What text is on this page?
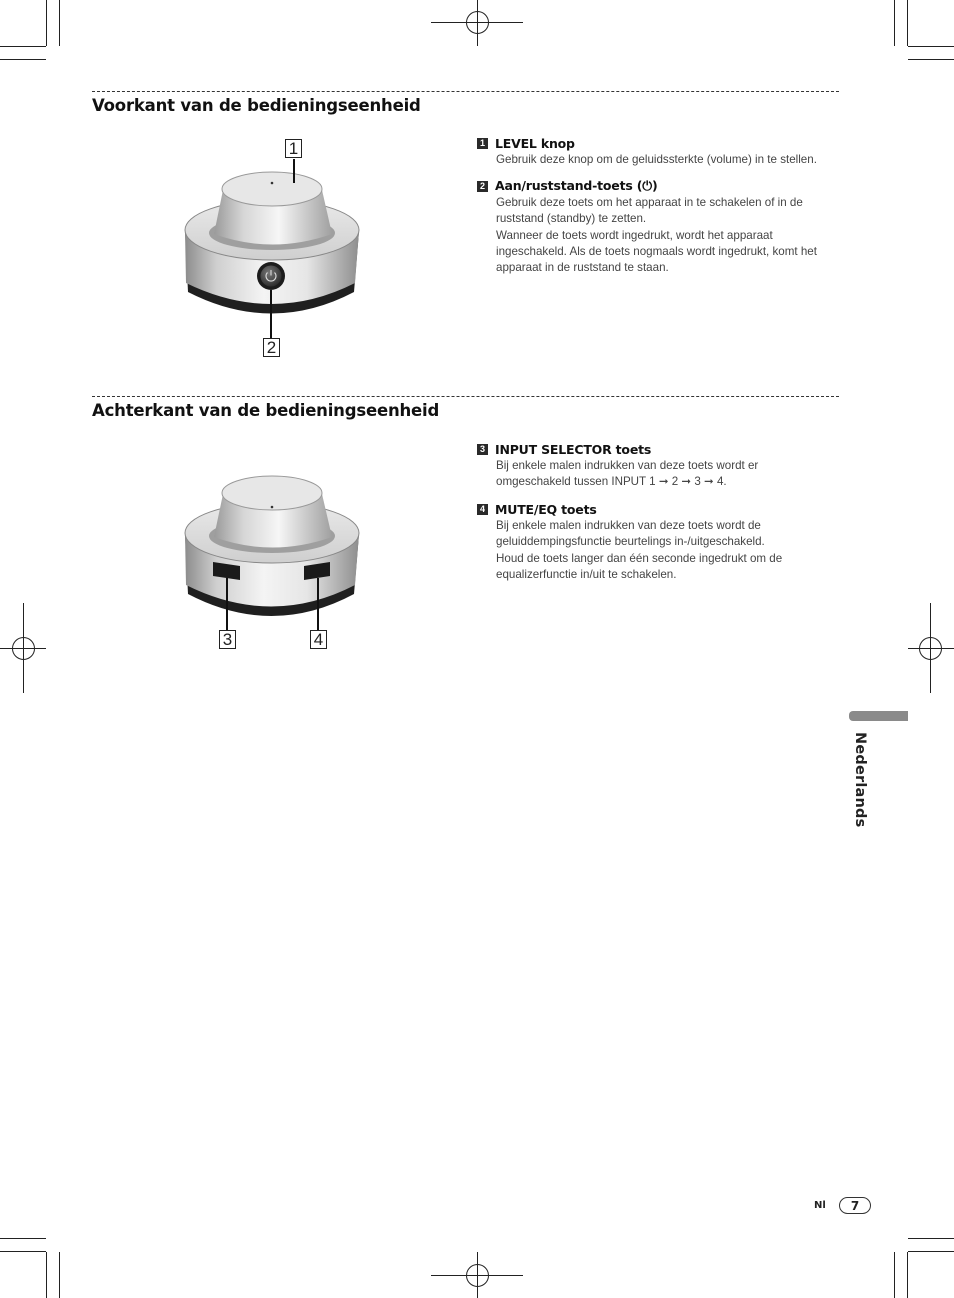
1
2
3	4
Voorkant van de bedieningseenheid
1 LEVEL knop

Gebruik deze knop om de geluidssterkte (volume) in te stellen.

2 Aan/ruststand-toets (⏻)

Gebruik deze toets om het apparaat in te schakelen of in de ruststand (standby) te zetten.

Wanneer de toets wordt ingedrukt, wordt het apparaat ingeschakeld. Als de toets nogmaals wordt ingedrukt, komt het apparaat in de ruststand te staan.

Achterkant van de bedieningseenheid
3 INPUT SELECTOR toets

Bij enkele malen indrukken van deze toets wordt er omgeschakeld tussen INPUT 1 ➞ 2 ➞ 3 ➞ 4.

4 MUTE/EQ toets

Bij enkele malen indrukken van deze toets wordt de geluiddempingsfunctie beurtelings in-/uitgeschakeld.

Houd de toets langer dan één seconde ingedrukt om de equalizerfunctie in/uit te schakelen.

Nederlands
Nl	7
